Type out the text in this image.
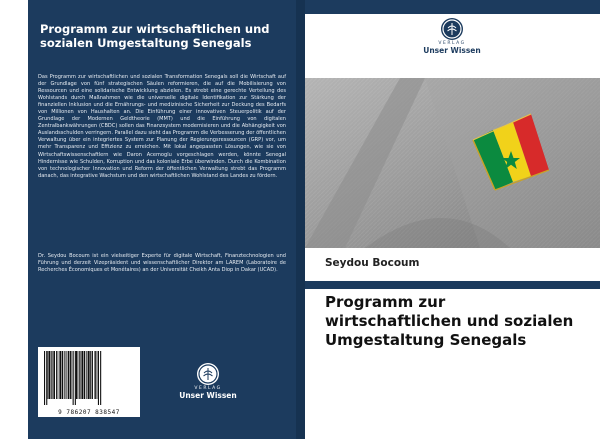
Programm zur wirtschaftlichen und sozialen Umgestaltung Senegals
Das Programm zur wirtschaftlichen und sozialen Transformation Senegals soll die Wirtschaft auf der Grundlage von fünf strategischen Säulen reformieren, die auf die Mobilisierung von Ressourcen und eine solidarische Entwicklung abzielen. Es strebt eine gerechte Verteilung des Wohlstands durch Maßnahmen wie die universelle digitale Identifikation zur Stärkung der finanziellen Inklusion und die Ernährungs- und medizinische Sicherheit zur Deckung des Bedarfs von Millionen von Haushalten an. Die Einführung einer innovativen Steuerpolitik auf der Grundlage der Modernen Geldtheorie (MMT) und die Einführung von digitalen Zentralbankwährungen (CBDC) sollen das Finanzsystem modernisieren und die Abhängigkeit von Auslandsschulden verringern. Parallel dazu sieht das Programm die Verbesserung der öffentlichen Verwaltung über ein integriertes System zur Planung der Regierungsressourcen (GRP) vor, um mehr Transparenz und Effizienz zu erreichen. Mit lokal angepassten Lösungen, wie sie von Wirtschaftswissenschaftlern wie Daron Acemoglu vorgeschlagen werden, könnte Senegal Hindernisse wie Schulden, Korruption und das koloniale Erbe überwinden. Durch die Kombination von technologischer Innovation und Reform der öffentlichen Verwaltung strebt das Programm danach, das integrative Wachstum und den wirtschaftlichen Wohlstand des Landes zu fördern.
Dr. Seydou Bocoum ist ein vielseitiger Experte für digitale Wirtschaft, Finanztechnologien und Führung und derzeit Vizepräsident und wissenschaftlicher Direktor am LAREM (Laboratoire de Recherches Économiques et Monétaires) an der Universität Cheikh Anta Diop in Dakar (UCAD).
9 786207 838547
VERLAG
Unser Wissen
VERLAG
Unser Wissen
Seydou Bocoum
Programm zur wirtschaftlichen und sozialen Umgestaltung Senegals
